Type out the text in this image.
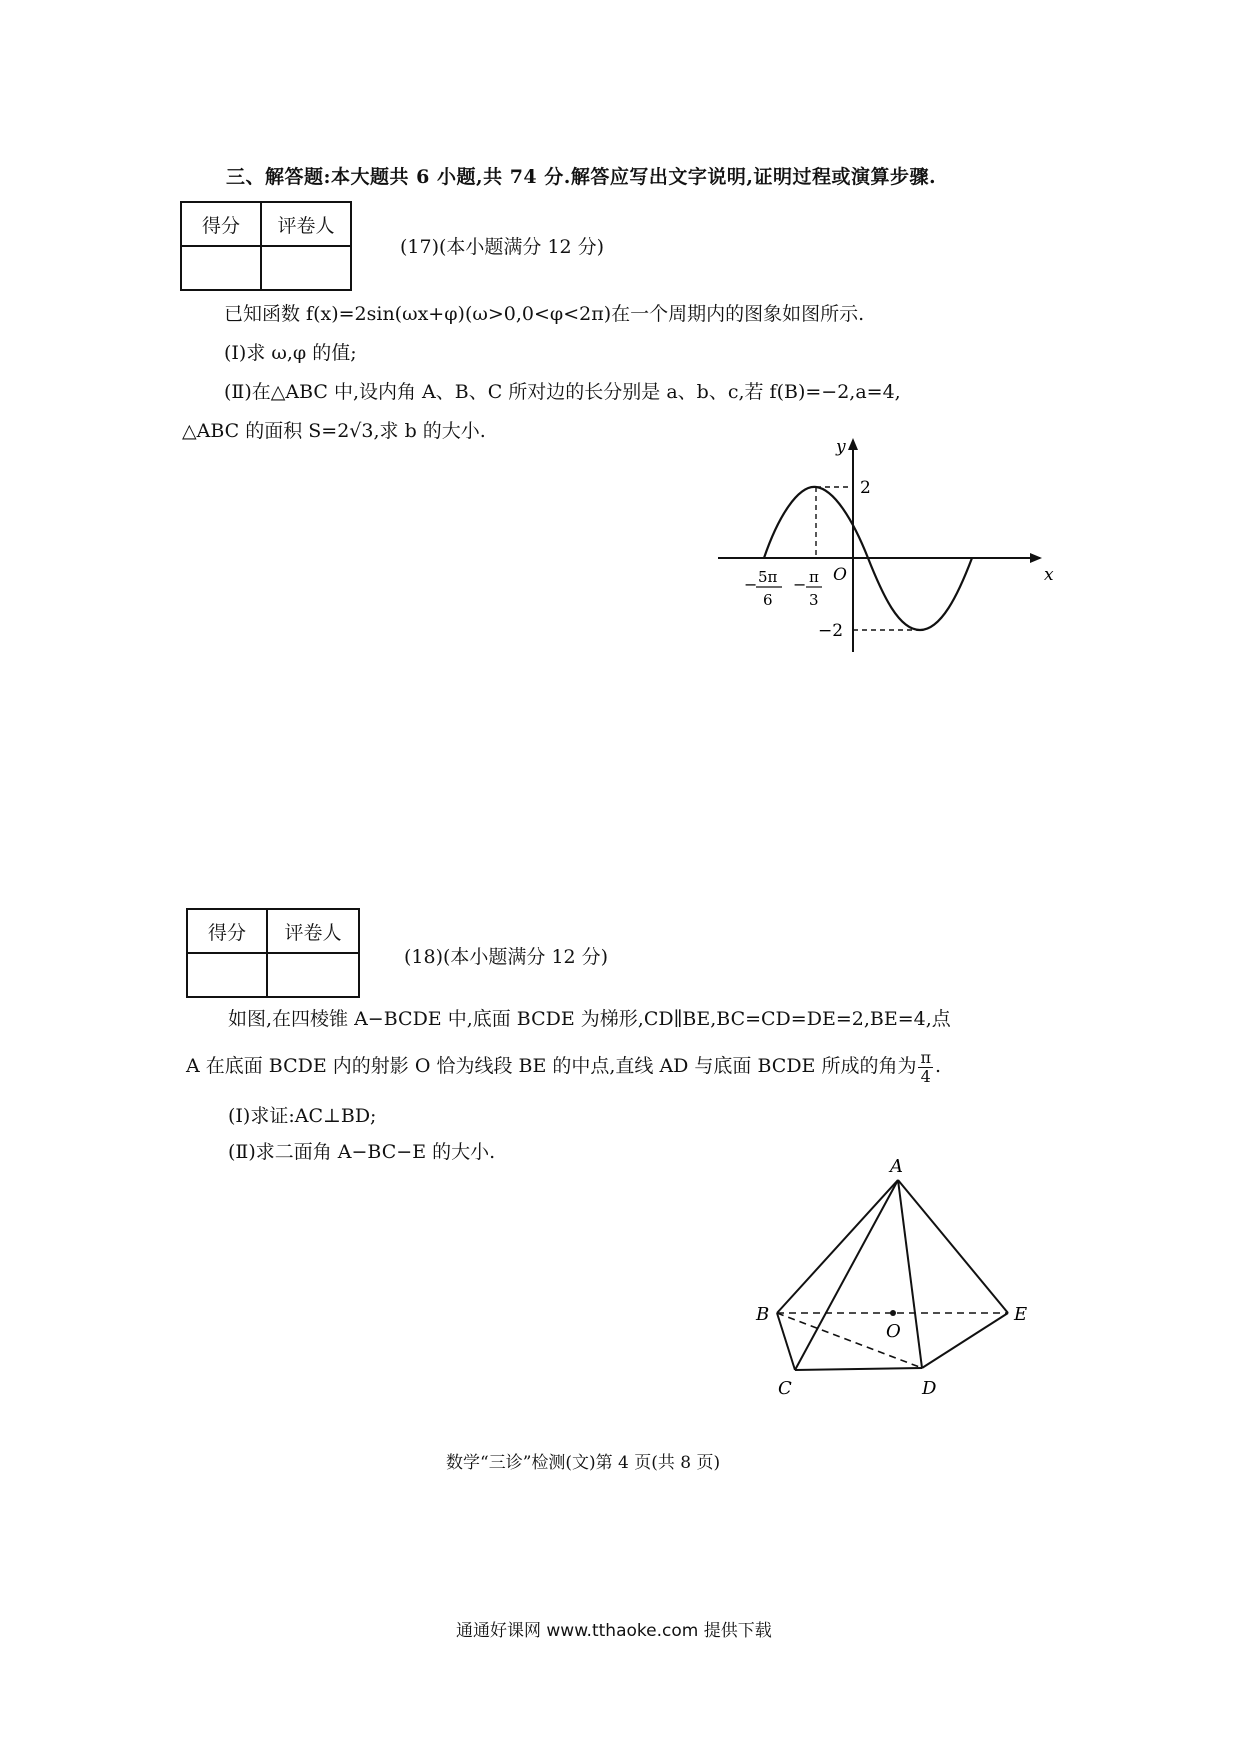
三、解答题:本大题共 6 小题,共 74 分.解答应写出文字说明,证明过程或演算步骤.
得分	评卷人

(17)(本小题满分 12 分)
已知函数 f(x)=2sin(ωx+φ)(ω>0,0<φ<2π)在一个周期内的图象如图所示.
(Ⅰ)求 ω,φ 的值;
(Ⅱ)在△ABC 中,设内角 A、B、C 所对边的长分别是 a、b、c,若 f(B)=−2,a=4,
△ABC 的面积 S=2√3,求 b 的大小.
y
x
O
2
−2
− 5π
6
− π
3
得分	评卷人

(18)(本小题满分 12 分)
如图,在四棱锥 A−BCDE 中,底面 BCDE 为梯形,CD∥BE,BC=CD=DE=2,BE=4,点
A 在底面 BCDE 内的射影 O 恰为线段 BE 的中点,直线 AD 与底面 BCDE 所成的角为 $\frac{\pi}{4}$ .
(Ⅰ)求证:AC⊥BD;
(Ⅱ)求二面角 A−BC−E 的大小.
A
B
C	D
E
O
数学“三诊”检测(文)第 4 页(共 8 页)
通通好课网 www.tthaoke.com 提供下载
